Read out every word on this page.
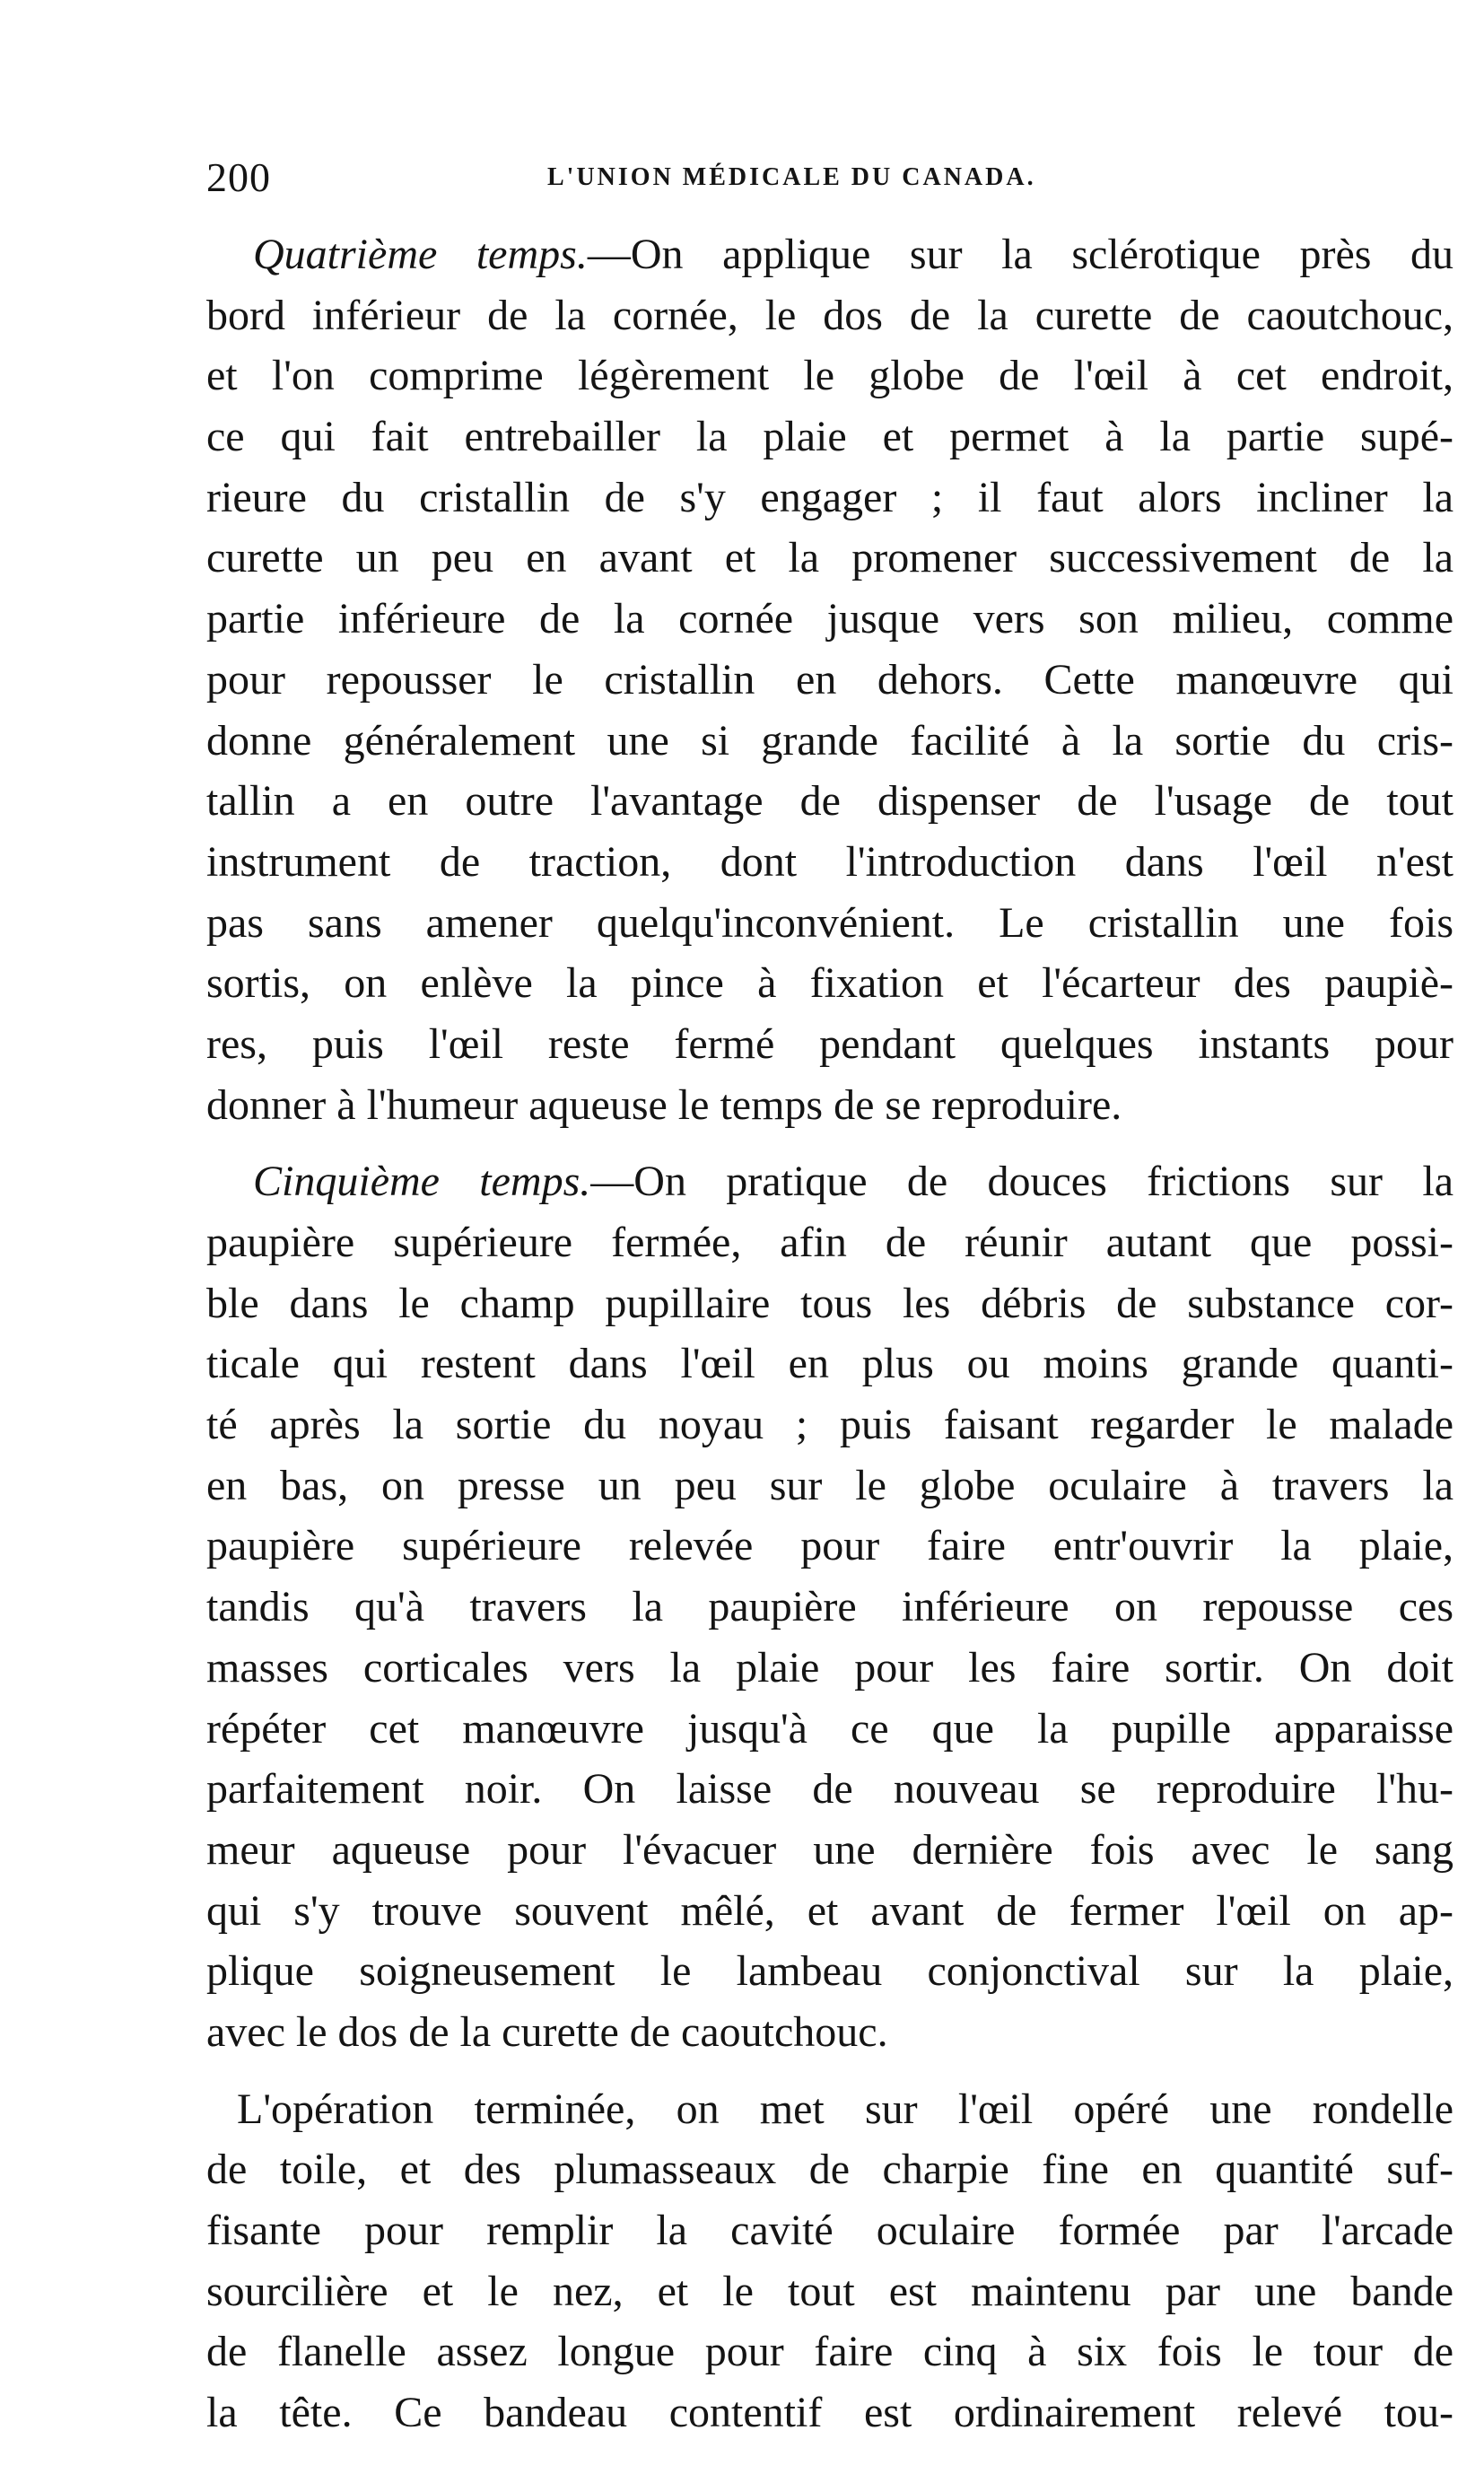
200	L'UNION MÉDICALE DU CANADA.
Quatrième temps.—On applique sur la sclérotique près du
bord inférieur de la cornée, le dos de la curette de caoutchouc,
et l'on comprime légèrement le globe de l'œil à cet endroit,
ce qui fait entrebailler la plaie et permet à la partie supé-
rieure du cristallin de s'y engager ; il faut alors incliner la
curette un peu en avant et la promener successivement de la
partie inférieure de la cornée jusque vers son milieu, comme
pour repousser le cristallin en dehors. Cette manœuvre qui
donne généralement une si grande facilité à la sortie du cris-
tallin a en outre l'avantage de dispenser de l'usage de tout
instrument de traction, dont l'introduction dans l'œil n'est
pas sans amener quelqu'inconvénient. Le cristallin une fois
sortis, on enlève la pince à fixation et l'écarteur des paupiè-
res, puis l'œil reste fermé pendant quelques instants pour
donner à l'humeur aqueuse le temps de se reproduire.
Cinquième temps.—On pratique de douces frictions sur la
paupière supérieure fermée, afin de réunir autant que possi-
ble dans le champ pupillaire tous les débris de substance cor-
ticale qui restent dans l'œil en plus ou moins grande quanti-
té après la sortie du noyau ; puis faisant regarder le malade
en bas, on presse un peu sur le globe oculaire à travers la
paupière supérieure relevée pour faire entr'ouvrir la plaie,
tandis qu'à travers la paupière inférieure on repousse ces
masses corticales vers la plaie pour les faire sortir. On doit
répéter cet manœuvre jusqu'à ce que la pupille apparaisse
parfaitement noir. On laisse de nouveau se reproduire l'hu-
meur aqueuse pour l'évacuer une dernière fois avec le sang
qui s'y trouve souvent mêlé, et avant de fermer l'œil on ap-
plique soigneusement le lambeau conjonctival sur la plaie,
avec le dos de la curette de caoutchouc.
L'opération terminée, on met sur l'œil opéré une rondelle
de toile, et des plumasseaux de charpie fine en quantité suf-
fisante pour remplir la cavité oculaire formée par l'arcade
sourcilière et le nez, et le tout est maintenu par une bande
de flanelle assez longue pour faire cinq à six fois le tour de
la tête. Ce bandeau contentif est ordinairement relevé tou-
